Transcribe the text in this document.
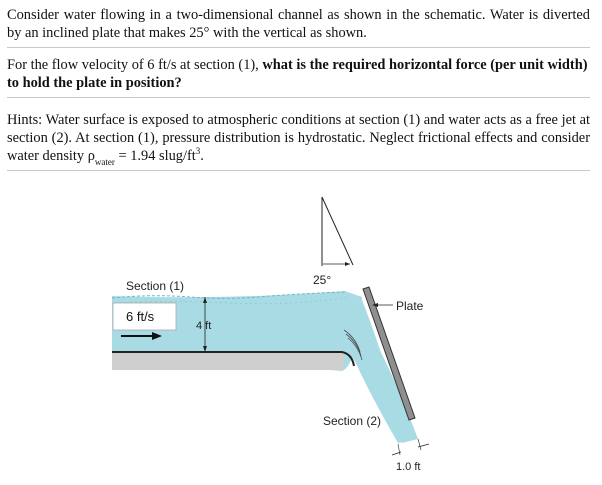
Consider water flowing in a two-dimensional channel as shown in the schematic. Water is diverted by an inclined plate that makes 25° with the vertical as shown.

For the flow velocity of 6 ft/s at section (1), what is the required horizontal force (per unit width) to hold the plate in position?

Hints: Water surface is exposed to atmospheric conditions at section (1) and water acts as a free jet at section (2). At section (1), pressure distribution is hydrostatic. Neglect frictional effects and consider water density $\rho_{water} = 1.94$ slug/$ft^3$.

Section (1)
6 ft/s
4 ft
25°
Plate
Section (2)
1.0 ft
